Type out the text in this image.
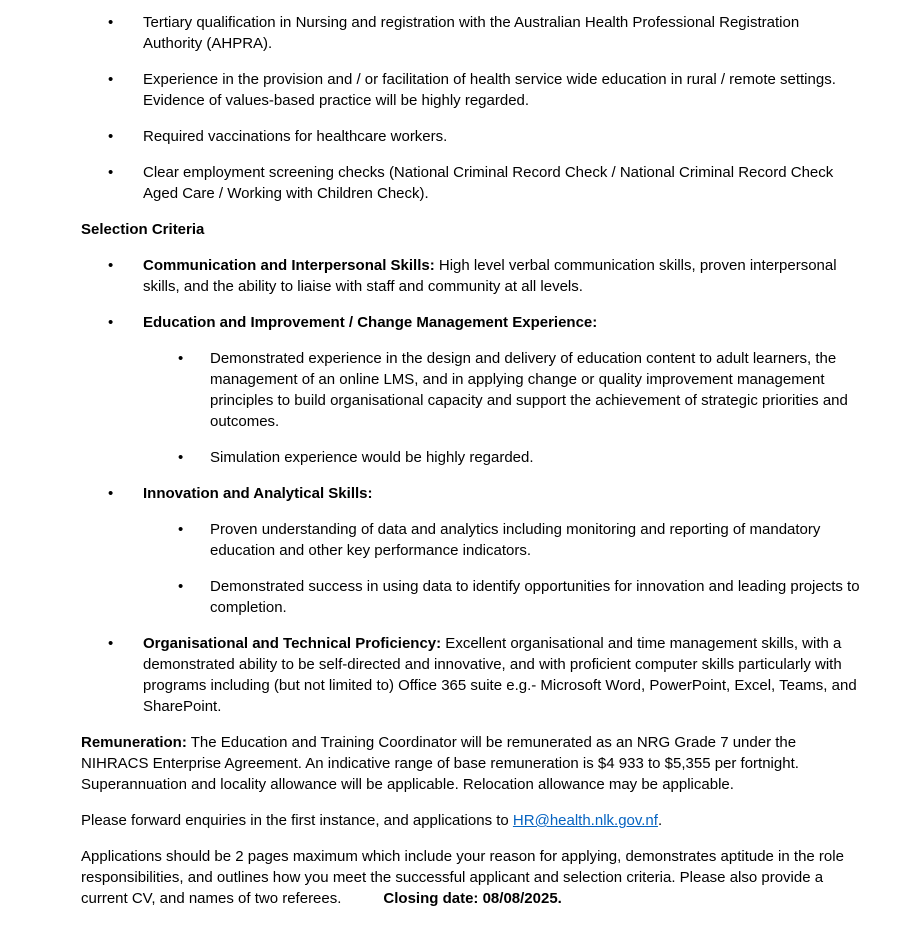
•	Tertiary qualification in Nursing and registration with the Australian Health Professional Registration Authority (AHPRA).
•	Experience in the provision and / or facilitation of health service wide education in rural / remote settings. Evidence of values-based practice will be highly regarded.
•	Required vaccinations for healthcare workers.
•	Clear employment screening checks (National Criminal Record Check / National Criminal Record Check Aged Care / Working with Children Check).
Selection Criteria
•	Communication and Interpersonal Skills: High level verbal communication skills, proven interpersonal skills, and the ability to liaise with staff and community at all levels.
•	Education and Improvement / Change Management Experience:
•	Demonstrated experience in the design and delivery of education content to adult learners, the management of an online LMS, and in applying change or quality improvement management principles to build organisational capacity and support the achievement of strategic priorities and outcomes.
•	Simulation experience would be highly regarded.
•	Innovation and Analytical Skills:
•	Proven understanding of data and analytics including monitoring and reporting of mandatory education and other key performance indicators.
•	Demonstrated success in using data to identify opportunities for innovation and leading projects to completion.
•	Organisational and Technical Proficiency: Excellent organisational and time management skills, with a demonstrated ability to be self-directed and innovative, and with proficient computer skills particularly with programs including (but not limited to) Office 365 suite e.g.- Microsoft Word, PowerPoint, Excel, Teams, and SharePoint.

Remuneration: The Education and Training Coordinator will be remunerated as an NRG Grade 7 under the NIHRACS Enterprise Agreement. An indicative range of base remuneration is $4 933 to $5,355 per fortnight. Superannuation and locality allowance will be applicable. Relocation allowance may be applicable.

Please forward enquiries in the first instance, and applications to HR@health.nlk.gov.nf.

Applications should be 2 pages maximum which include your reason for applying, demonstrates aptitude in the role responsibilities, and outlines how you meet the successful applicant and selection criteria. Please also provide a current CV, and names of two referees.	Closing date: 08/08/2025.
